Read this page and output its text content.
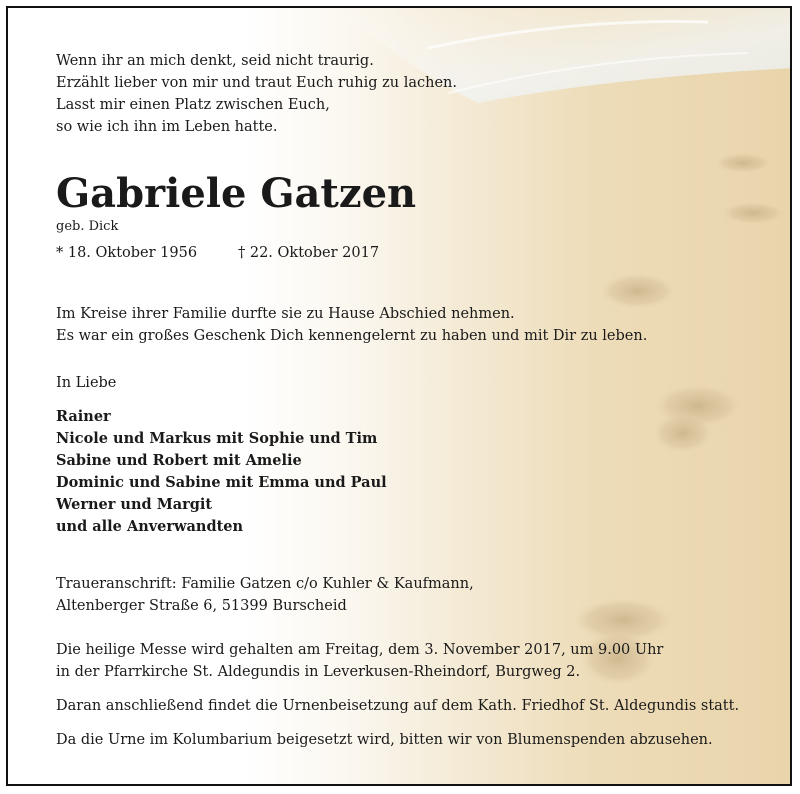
Wenn ihr an mich denkt, seid nicht traurig.
Erzählt lieber von mir und traut Euch ruhig zu lachen.
Lasst mir einen Platz zwischen Euch,
so wie ich ihn im Leben hatte.
Gabriele Gatzen
geb. Dick
* 18. Oktober 1956	† 22. Oktober 2017
Im Kreise ihrer Familie durfte sie zu Hause Abschied nehmen.
Es war ein großes Geschenk Dich kennengelernt zu haben und mit Dir zu leben.
In Liebe
Rainer
Nicole und Markus mit Sophie und Tim
Sabine und Robert mit Amelie
Dominic und Sabine mit Emma und Paul
Werner und Margit
und alle Anverwandten
Traueranschrift: Familie Gatzen c/o Kuhler & Kaufmann,
Altenberger Straße 6, 51399 Burscheid
Die heilige Messe wird gehalten am Freitag, dem 3. November 2017, um 9.00 Uhr
in der Pfarrkirche St. Aldegundis in Leverkusen-Rheindorf, Burgweg 2.
Daran anschließend findet die Urnenbeisetzung auf dem Kath. Friedhof St. Aldegundis statt.
Da die Urne im Kolumbarium beigesetzt wird, bitten wir von Blumenspenden abzusehen.
